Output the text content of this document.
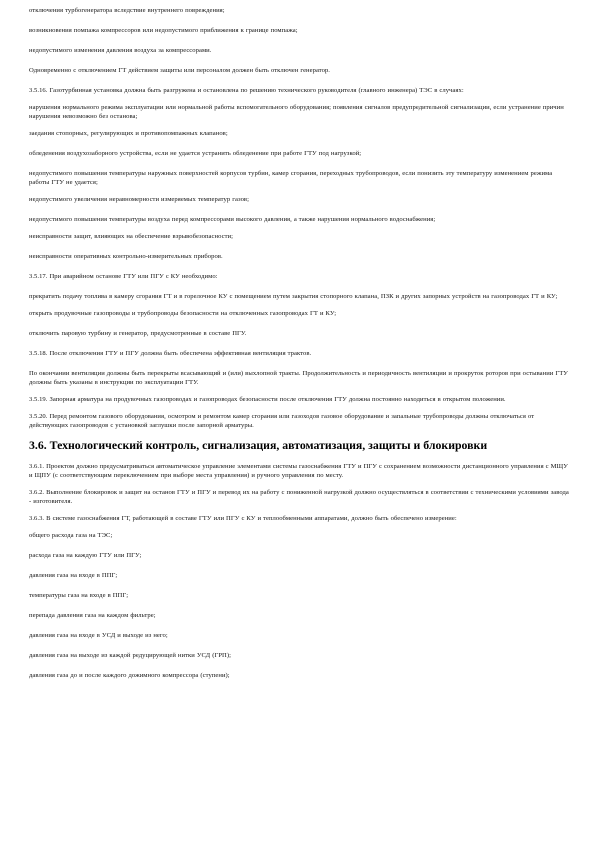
отключения турбогенератора вследствие внутреннего повреждения;
возникновения помпажа компрессоров или недопустимого приближения к границе помпажа;
недопустимого изменения давления воздуха за компрессорами.
Одновременно с отключением ГТ действием защиты или персоналом должен быть отключен генератор.
3.5.16. Газотурбинная установка должна быть разгружена и остановлена по решению технического руководителя (главного инженера) ТЭС в случаях:
нарушения нормального режима эксплуатации или нормальной работы вспомогательного оборудования; появления сигналов предупредительной сигнализации, если устранение причин нарушения невозможно без останова;
заедания стопорных, регулирующих и противопомпажных клапанов;
обледенения воздухозаборного устройства, если не удается устранить обледенение при работе ГТУ под нагрузкой;
недопустимого повышения температуры наружных поверхностей корпусов турбин, камер сгорания, переходных трубопроводов, если понизить эту температуру изменением режима работы ГТУ не удается;
недопустимого увеличения неравномерности измеряемых температур газов;
недопустимого повышения температуры воздуха перед компрессорами высокого давления, а также нарушения нормального водоснабжения;
неисправности защит, влияющих на обеспечение взрывобезопасности;
неисправности оперативных контрольно-измерительных приборов.
3.5.17. При аварийном останове ГТУ или ПГУ с КУ необходимо:
прекратить подачу топлива в камеру сгорания ГТ и в горелочное КУ с помещением путем закрытия стопорного клапана, ПЗК и других запорных устройств на газопроводах ГТ и КУ;
открыть продувочные газопроводы и трубопроводы безопасности на отключенных газопроводах ГТ и КУ;
отключить паровую турбину и генератор, предусмотренные в составе ПГУ.
3.5.18. После отключения ГТУ и ПГУ должна быть обеспечена эффективная вентиляция трактов.
По окончании вентиляции должны быть перекрыты всасывающий и (или) выхлопной тракты. Продолжительность и периодичность вентиляции и прокруток роторов при остывании ГТУ должны быть указаны в инструкции по эксплуатации ГТУ.
3.5.19. Запорная арматура на продувочных газопроводах и газопроводах безопасности после отключения ГТУ должна постоянно находиться в открытом положении.
3.5.20. Перед ремонтом газового оборудования, осмотром и ремонтом камер сгорания или газоходов газовое оборудование и запальные трубопроводы должны отключаться от действующих газопроводов с установкой заглушки после запорной арматуры.
3.6. Технологический контроль, сигнализация, автоматизация, защиты и блокировки
3.6.1. Проектом должно предусматриваться автоматическое управление элементами системы газоснабжения ГТУ и ПГУ с сохранением возможности дистанционного управления с МЩУ и ЩПУ (с соответствующим переключением при выборе места управления) и ручного управления по месту.
3.6.2. Выполнение блокировок и защит на останов ГТУ и ПГУ и перевод их на работу с пониженной нагрузкой должно осуществляться в соответствии с техническими условиями завода - изготовителя.
3.6.3. В системе газоснабжения ГТ, работающей в составе ГТУ или ПГУ с КУ и теплообменными аппаратами, должно быть обеспечено измерение:
общего расхода газа на ТЭС;
расхода газа на каждую ГТУ или ПГУ;
давления газа на входе в ППГ;
температуры газа на входе в ППГ;
перепада давления газа на каждом фильтре;
давления газа на входе в УСД и выходе из него;
давления газа на выходе из каждой редуцирующей нитки УСД (ГРП);
давления газа до и после каждого дожимного компрессора (ступени);
